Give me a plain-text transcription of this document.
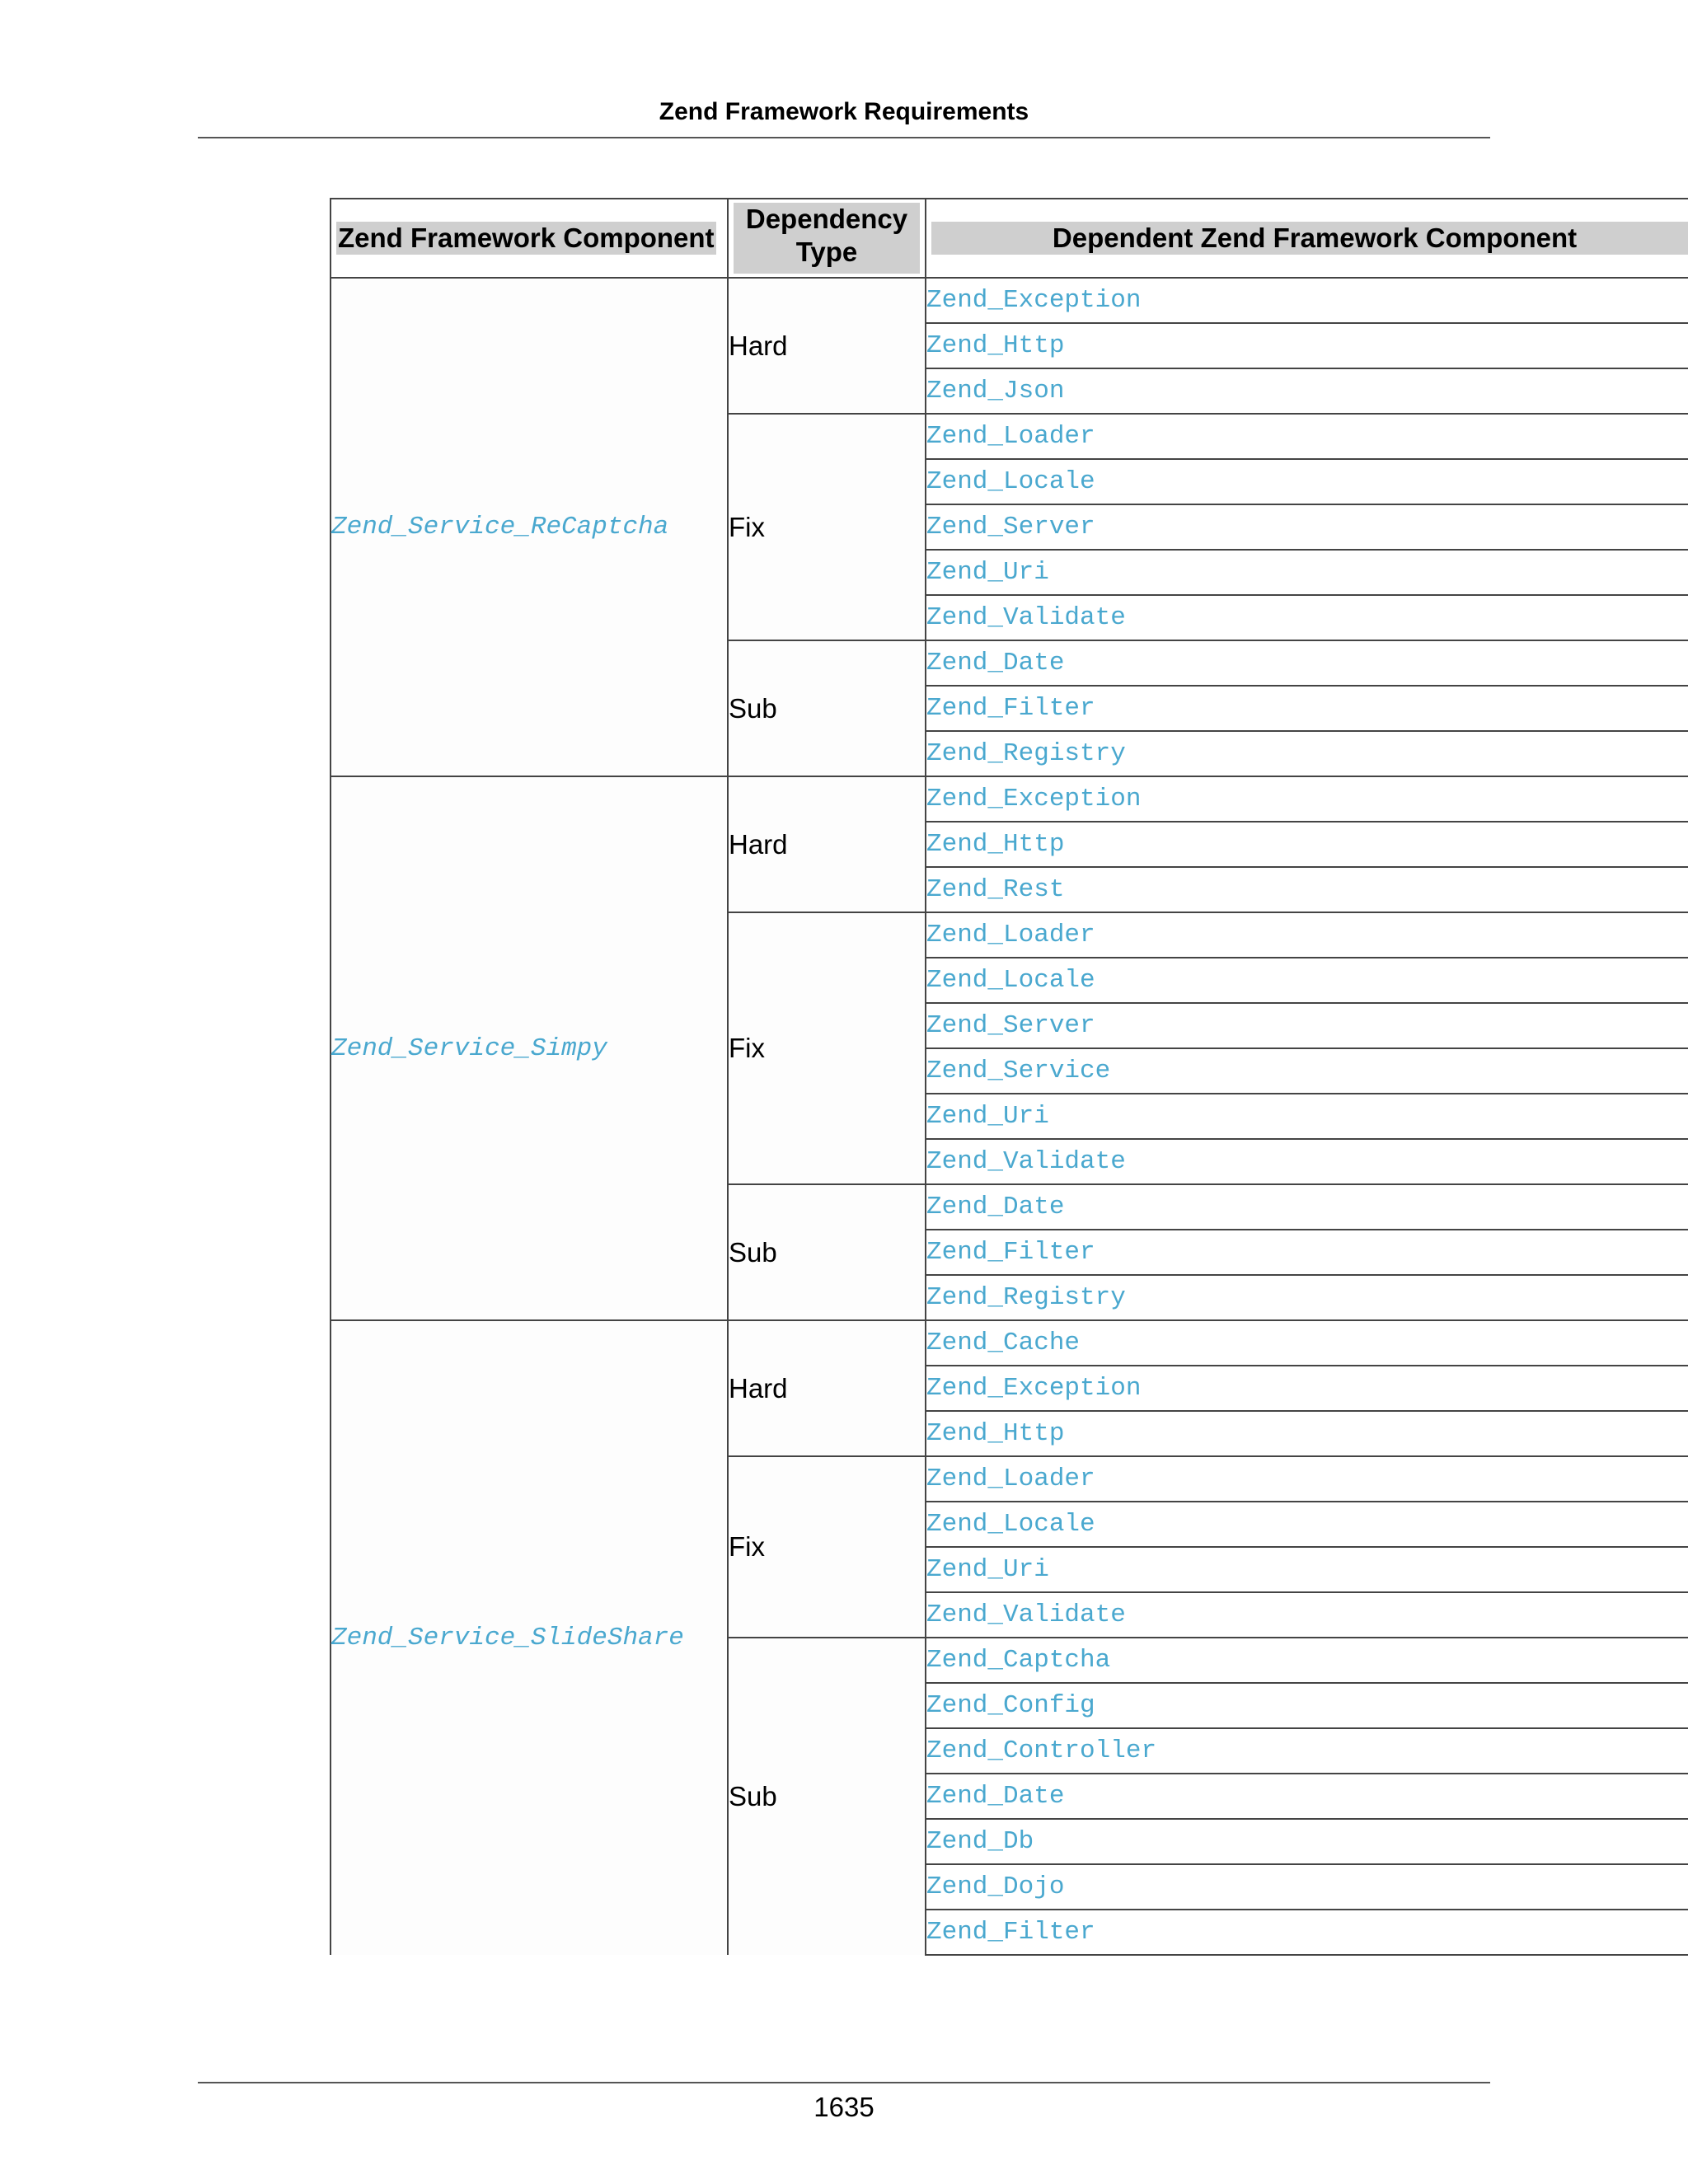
Zend Framework Requirements
Zend Framework Component	Dependency Type	Dependent Zend Framework Component

Zend_Service_ReCaptcha	Hard	Zend_Exception
		Zend_Http
		Zend_Json
	Fix	Zend_Loader
		Zend_Locale
		Zend_Server
		Zend_Uri
		Zend_Validate
	Sub	Zend_Date
		Zend_Filter
		Zend_Registry
Zend_Service_Simpy	Hard	Zend_Exception
		Zend_Http
		Zend_Rest
	Fix	Zend_Loader
		Zend_Locale
		Zend_Server
		Zend_Service
		Zend_Uri
		Zend_Validate
	Sub	Zend_Date
		Zend_Filter
		Zend_Registry
Zend_Service_SlideShare	Hard	Zend_Cache
		Zend_Exception
		Zend_Http
	Fix	Zend_Loader
		Zend_Locale
		Zend_Uri
		Zend_Validate
	Sub	Zend_Captcha
		Zend_Config
		Zend_Controller
		Zend_Date
		Zend_Db
		Zend_Dojo
		Zend_Filter
1635
